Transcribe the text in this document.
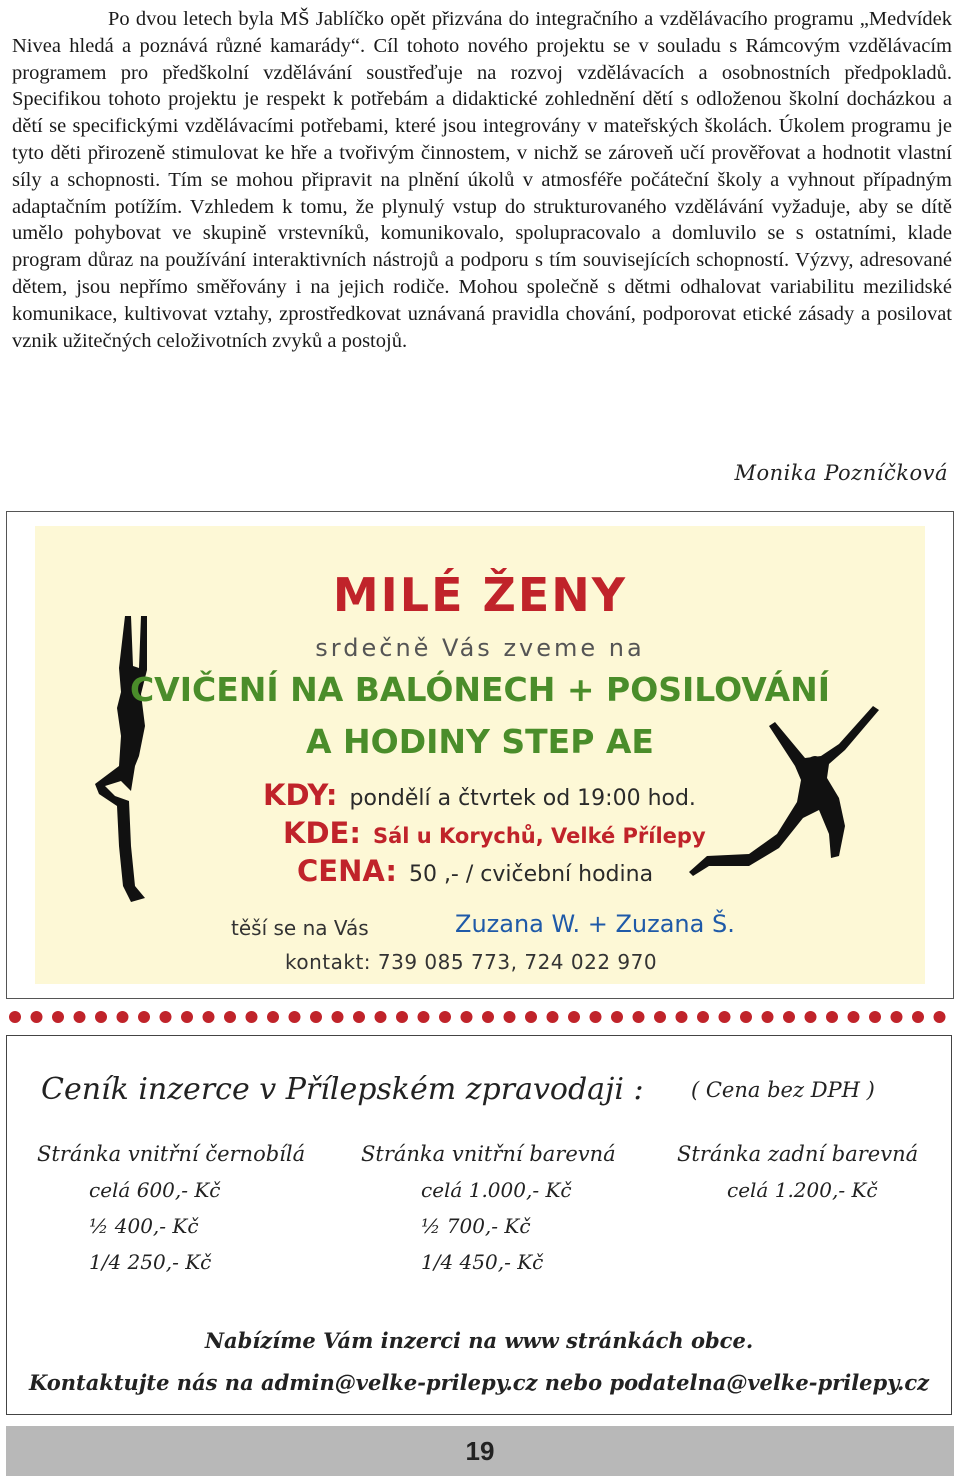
Po dvou letech byla MŠ Jablíčko opět přizvána do integračního a vzdělávacího programu „Medvídek Nivea hledá a poznává různé kamarády“. Cíl tohoto nového projektu se v souladu s Rámcovým vzdělávacím programem pro předškolní vzdělávání soustřeďuje na rozvoj vzdělávacích a osobnostních předpokladů. Specifikou tohoto projektu je respekt k potřebám a didaktické zohlednění dětí s odloženou školní docházkou a dětí se specifickými vzdělávacími potřebami, které jsou integrovány v mateřských školách. Úkolem programu je tyto děti přirozeně stimulovat ke hře a tvořivým činnostem, v nichž se zároveň učí prověřovat a hodnotit vlastní síly a schopnosti. Tím se mohou připravit na plnění úkolů v atmosféře počáteční školy a vyhnout případným adaptačním potížím. Vzhledem k tomu, že plynulý vstup do strukturovaného vzdělávání vyžaduje, aby se dítě umělo pohybovat ve skupině vrstevníků, komunikovalo, spolupracovalo a domluvilo se s ostatními, klade program důraz na používání interaktivních nástrojů a podporu s tím souvisejících schopností. Výzvy, adresované dětem, jsou nepřímo směřovány i na jejich rodiče. Mohou společně s dětmi odhalovat variabilitu mezilidské komunikace, kultivovat vztahy, zprostředkovat uznávaná pravidla chování, podporovat etické zásady a posilovat vznik užitečných celoživotních zvyků a postojů.

Monika Pozníčková
MILÉ ŽENY
srdečně Vás zveme na
CVIČENÍ NA BALÓNECH + POSILOVÁNÍ
A HODINY STEP AE
KDY: pondělí a čtvrtek od 19:00 hod.
KDE: Sál u Korychů, Velké Přílepy
CENA: 50 ,- / cvičební hodina
těší se na Vás	Zuzana W. + Zuzana Š.
kontakt: 739 085 773, 724 022 970
Ceník inzerce v Přílepském zpravodaji : ( Cena bez DPH )
Stránka vnitřní černobílá
celá 600,- Kč
½ 400,- Kč
1/4 250,- Kč
Stránka vnitřní barevná
celá 1.000,- Kč
½ 700,- Kč
1/4 450,- Kč
Stránka zadní barevná
celá 1.200,- Kč
Nabízíme Vám inzerci na www stránkách obce.
Kontaktujte nás na admin@velke-prilepy.cz nebo podatelna@velke-prilepy.cz
19
